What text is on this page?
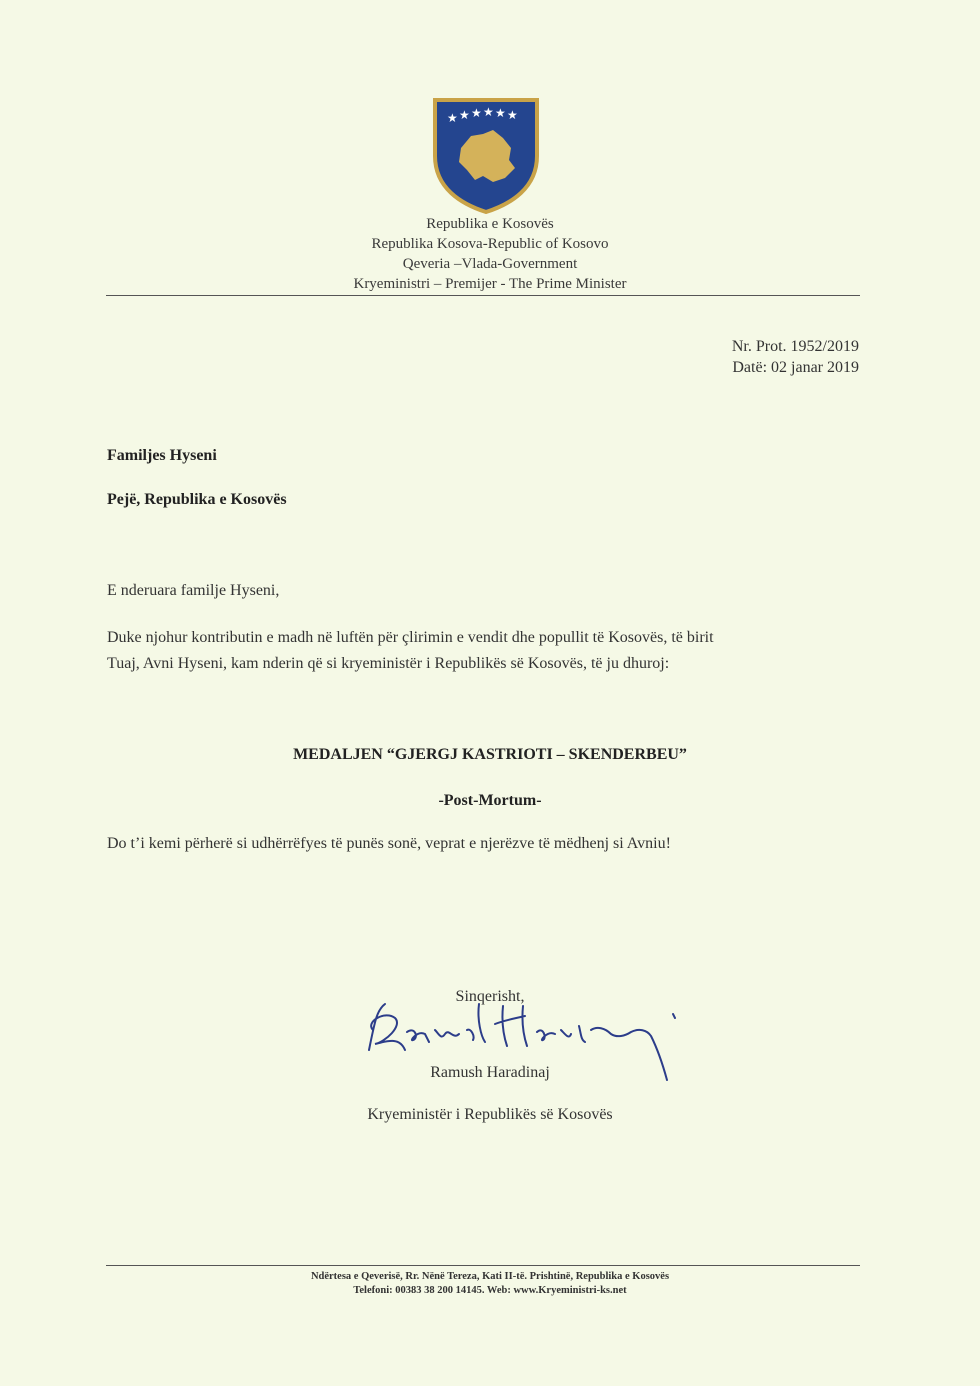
★ ★ ★ ★ ★ ★
Republika e Kosovës
Republika Kosova-Republic of Kosovo
Qeveria –Vlada-Government
Kryeministri – Premijer - The Prime Minister
Nr. Prot. 1952/2019
Datë: 02 janar 2019
Familjes Hyseni
Pejë, Republika e Kosovës
E nderuara familje Hyseni,
Duke njohur kontributin e madh në luftën për çlirimin e vendit dhe popullit të Kosovës, të birit
Tuaj, Avni Hyseni, kam nderin që si kryeministër i Republikës së Kosovës, të ju dhuroj:
MEDALJEN “GJERGJ KASTRIOTI – SKENDERBEU”
-Post-Mortum-
Do t’i kemi përherë si udhërrëfyes të punës sonë, veprat e njerëzve të mëdhenj si Avniu!
Sinqerisht,
Ramush Haradinaj
Kryeministër i Republikës së Kosovës
Ndërtesa e Qeverisë, Rr. Nënë Tereza, Kati II-të. Prishtinë, Republika e Kosovës
Telefoni: 00383 38 200 14145. Web: www.Kryeministri-ks.net
